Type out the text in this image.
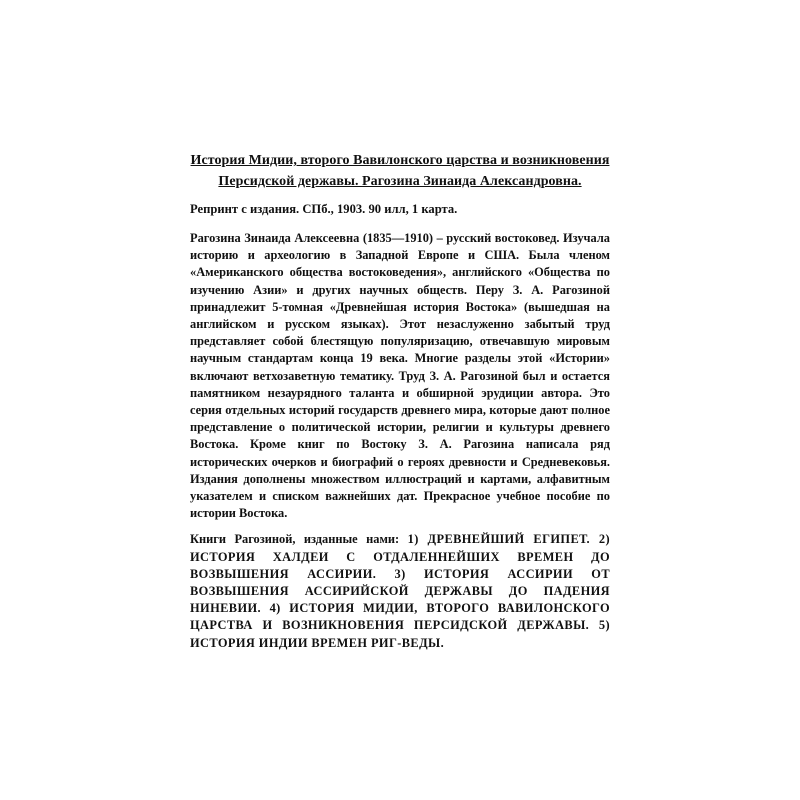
История Мидии, второго Вавилонского царства и возникновения Персидской державы. Рагозина Зинаида Александровна.

Репринт с издания. СПб., 1903. 90 илл, 1 карта.

Рагозина Зинаида Алексеевна (1835—1910) – русский востоковед. Изучала историю и археологию в Западной Европе и США. Была членом «Американского общества востоковедения», английского «Общества по изучению Азии» и других научных обществ. Перу З. А. Рагозиной принадлежит 5-томная «Древнейшая история Востока» (вышедшая на английском и русском языках). Этот незаслуженно забытый труд представляет собой блестящую популяризацию, отвечавшую мировым научным стандартам конца 19 века. Многие разделы этой «Истории» включают ветхозаветную тематику. Труд З. А. Рагозиной был и остается памятником незаурядного таланта и обширной эрудиции автора. Это серия отдельных историй государств древнего мира, которые дают полное представление о политической истории, религии и культуры древнего Востока. Кроме книг по Востоку З. А. Рагозина написала ряд исторических очерков и биографий о героях древности и Средневековья. Издания дополнены множеством иллюстраций и картами, алфавитным указателем и списком важнейших дат. Прекрасное учебное пособие по истории Востока.

Книги Рагозиной, изданные нами: 1) ДРЕВНЕЙШИЙ ЕГИПЕТ. 2) ИСТОРИЯ ХАЛДЕИ С ОТДАЛЕННЕЙШИХ ВРЕМЕН ДО ВОЗВЫШЕНИЯ АССИРИИ. 3) ИСТОРИЯ АССИРИИ ОТ ВОЗВЫШЕНИЯ АССИРИЙСКОЙ ДЕРЖАВЫ ДО ПАДЕНИЯ НИНЕВИИ. 4) ИСТОРИЯ МИДИИ, ВТОРОГО ВАВИЛОНСКОГО ЦАРСТВА И ВОЗНИКНОВЕНИЯ ПЕРСИДСКОЙ ДЕРЖАВЫ. 5) ИСТОРИЯ ИНДИИ ВРЕМЕН РИГ-ВЕДЫ.
